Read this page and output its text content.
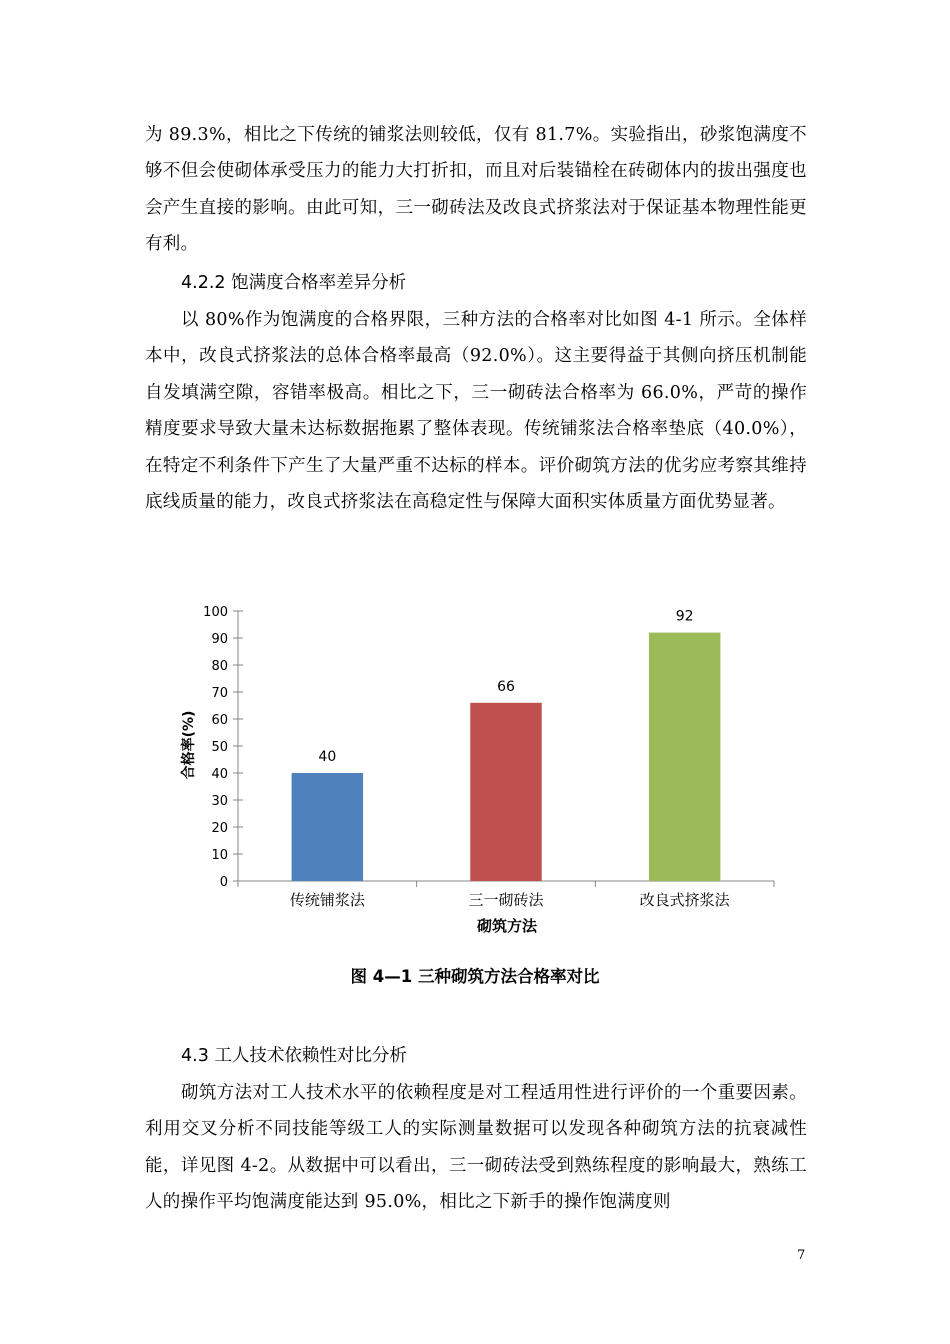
为 89.3%，相比之下传统的铺浆法则较低，仅有 81.7%。实验指出，砂浆饱满度不够不但会使砌体承受压力的能力大打折扣，而且对后装锚栓在砖砌体内的拔出强度也会产生直接的影响。由此可知，三一砌砖法及改良式挤浆法对于保证基本物理性能更有利。
4.2.2 饱满度合格率差异分析
以 80%作为饱满度的合格界限，三种方法的合格率对比如图 4-1 所示。全体样本中，改良式挤浆法的总体合格率最高（92.0%）。这主要得益于其侧向挤压机制能自发填满空隙，容错率极高。相比之下，三一砌砖法合格率为 66.0%，严苛的操作精度要求导致大量未达标数据拖累了整体表现。传统铺浆法合格率垫底（40.0%），在特定不利条件下产生了大量严重不达标的样本。评价砌筑方法的优劣应考察其维持底线质量的能力，改良式挤浆法在高稳定性与保障大面积实体质量方面优势显著。
0
10
20
30
40
50
60
70
80
90
100
传统铺浆法	三一砌砖法	改良式挤浆法
40
66
92
合格率(%)
砌筑方法
图 4—1 三种砌筑方法合格率对比
4.3 工人技术依赖性对比分析
砌筑方法对工人技术水平的依赖程度是对工程适用性进行评价的一个重要因素。利用交叉分析不同技能等级工人的实际测量数据可以发现各种砌筑方法的抗衰减性能，详见图 4-2。从数据中可以看出，三一砌砖法受到熟练程度的影响最大，熟练工人的操作平均饱满度能达到 95.0%，相比之下新手的操作饱满度则
7
